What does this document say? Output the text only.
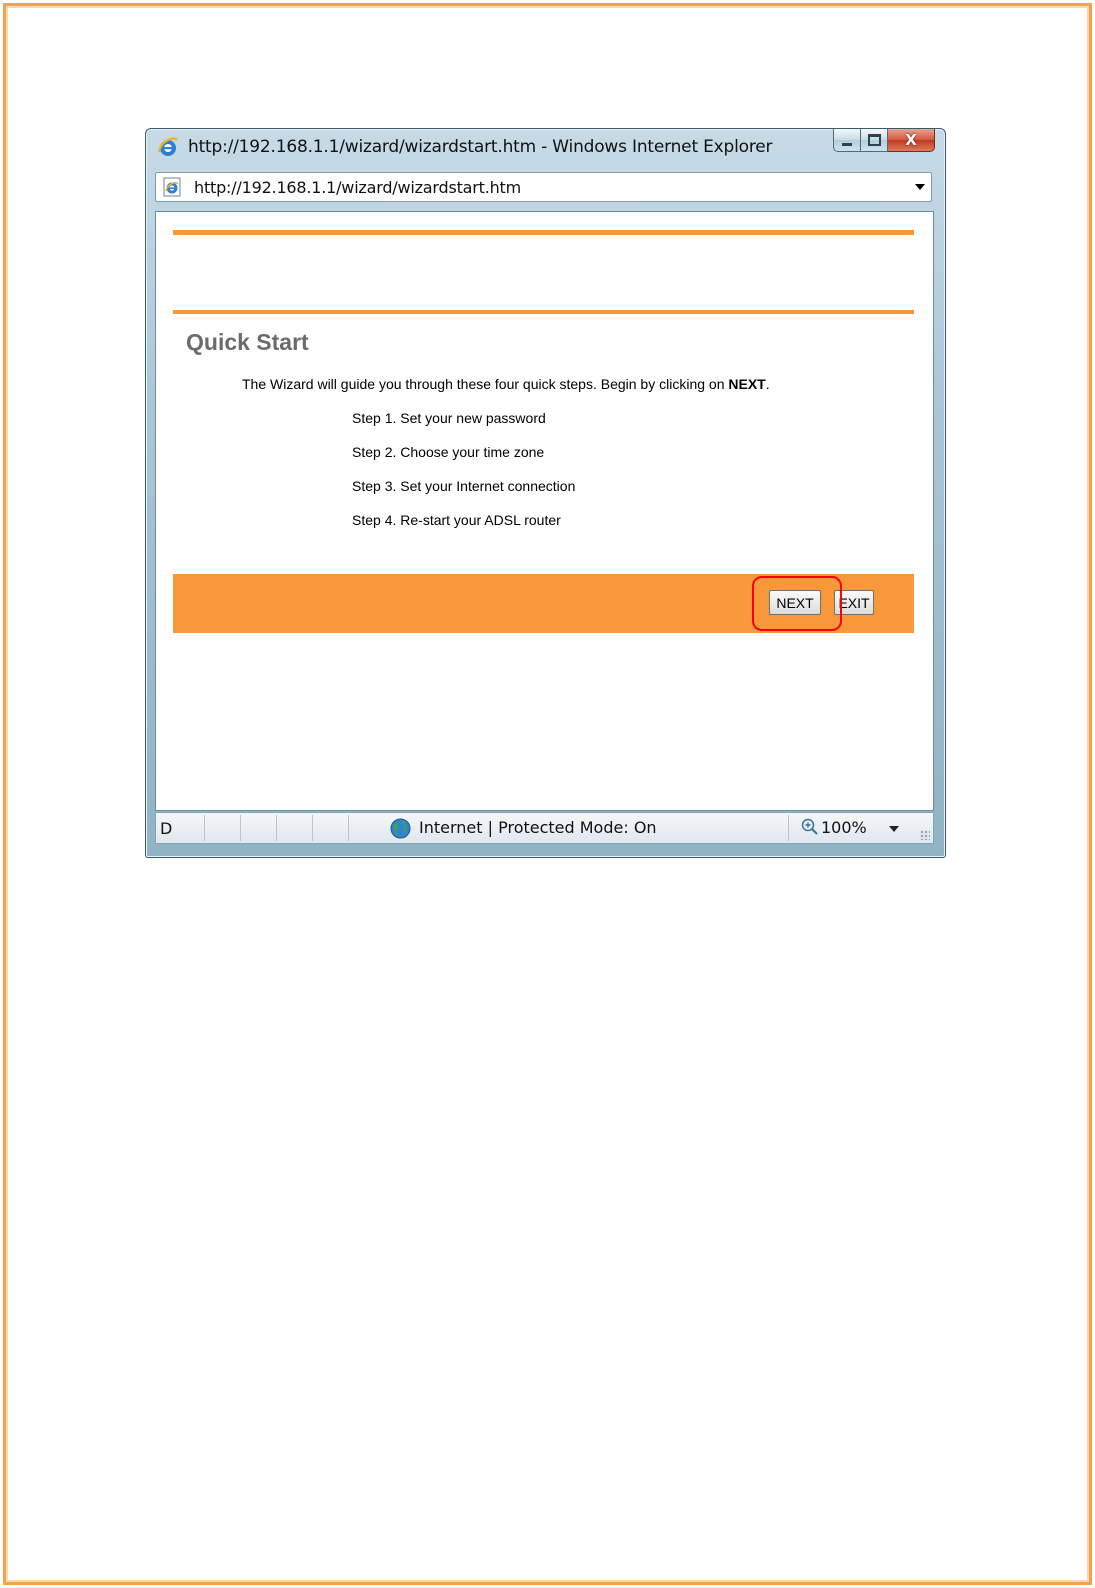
http://192.168.1.1/wizard/wizardstart.htm - Windows Internet Explorer	X
http://192.168.1.1/wizard/wizardstart.htm
Quick Start
The Wizard will guide you through these four quick steps. Begin by clicking on NEXT.
Step 1. Set your new password
Step 2. Choose your time zone
Step 3. Set your Internet connection
Step 4. Re-start your ADSL router
NEXT	EXIT
D	Internet | Protected Mode: On	100%
